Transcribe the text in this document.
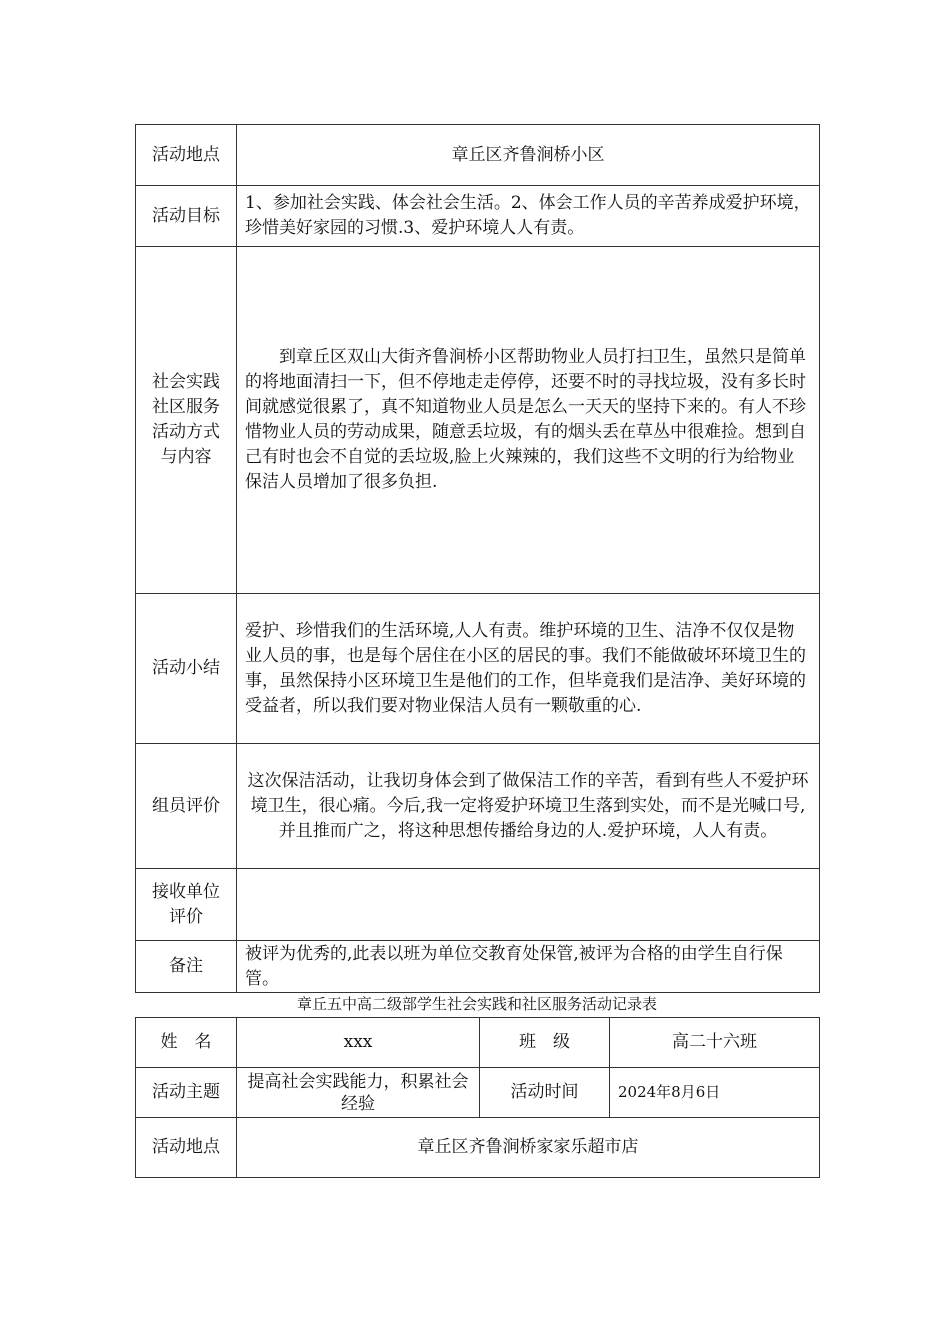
活动地点	章丘区齐鲁涧桥小区
活动目标	1、参加社会实践、体会社会生活。2、体会工作人员的辛苦养成爱护环境，珍惜美好家园的习惯.3、爱护环境人人有责。
社会实践社区服务活动方式与内容	到章丘区双山大街齐鲁涧桥小区帮助物业人员打扫卫生，虽然只是简单的将地面清扫一下，但不停地走走停停，还要不时的寻找垃圾，没有多长时间就感觉很累了，真不知道物业人员是怎么一天天的坚持下来的。有人不珍惜物业人员的劳动成果，随意丢垃圾，有的烟头丢在草丛中很难捡。想到自己有时也会不自觉的丢垃圾,脸上火辣辣的，我们这些不文明的行为给物业保洁人员增加了很多负担.
活动小结	爱护、珍惜我们的生活环境,人人有责。维护环境的卫生、洁净不仅仅是物业人员的事，也是每个居住在小区的居民的事。我们不能做破坏环境卫生的事，虽然保持小区环境卫生是他们的工作，但毕竟我们是洁净、美好环境的受益者，所以我们要对物业保洁人员有一颗敬重的心.
组员评价	这次保洁活动，让我切身体会到了做保洁工作的辛苦，看到有些人不爱护环境卫生，很心痛。今后,我一定将爱护环境卫生落到实处，而不是光喊口号,并且推而广之，将这种思想传播给身边的人.爱护环境，人人有责。
接收单位评价	
备注	被评为优秀的,此表以班为单位交教育处保管,被评为合格的由学生自行保管。
章丘五中高二级部学生社会实践和社区服务活动记录表
姓　名	xxx	班　级	高二十六班
活动主题	提高社会实践能力，积累社会经验	活动时间	2024年8月6日
活动地点	章丘区齐鲁涧桥家家乐超市店		
